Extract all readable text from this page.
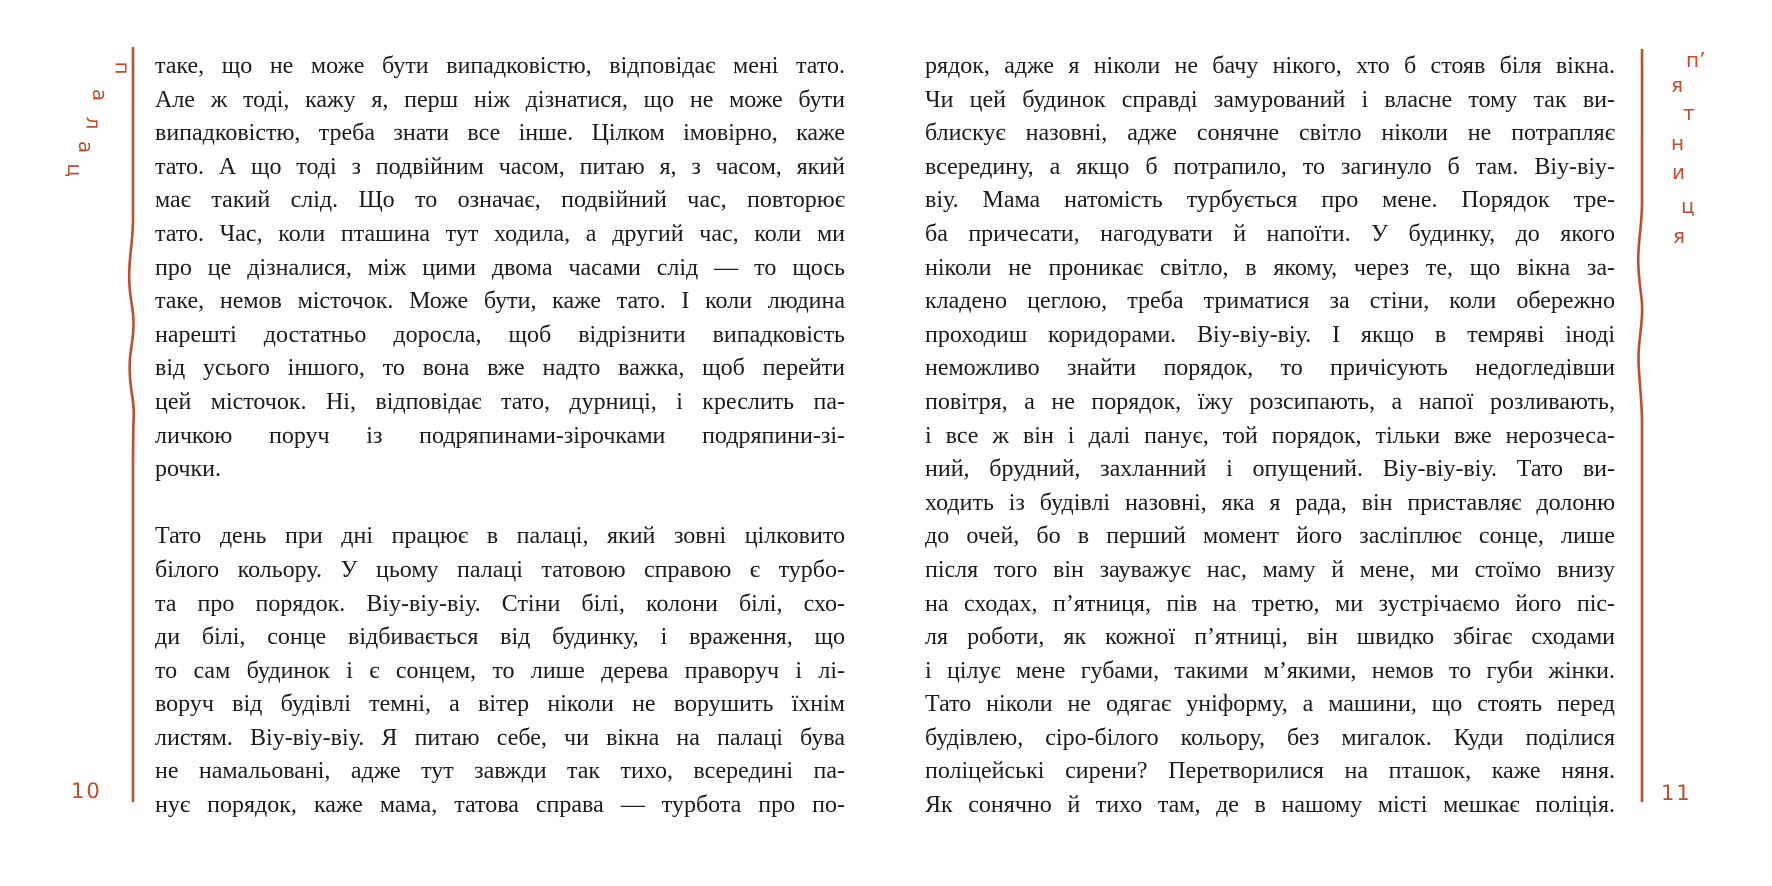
таке, що не може бути випадковістю, відповідає мені тато.
Але ж тоді, кажу я, перш ніж дізнатися, що не може бути
випадковістю, треба знати все інше. Цілком імовірно, каже
тато. А що тоді з подвійним часом, питаю я, з часом, який
має такий слід. Що то означає, подвійний час, повторює
тато. Час, коли пташина тут ходила, а другий час, коли ми
про це дізналися, між цими двома часами слід — то щось
таке, немов місточок. Може бути, каже тато. І коли людина
нарешті достатньо доросла, щоб відрізнити випадковість
від усього іншого, то вона вже надто важка, щоб перейти
цей місточок. Ні, відповідає тато, дурниці, і креслить па-
личкою поруч із подряпинами-зірочками подряпини-зі-
рочки.
Тато день при дні працює в палаці, який зовні цілковито
білого кольору. У цьому палаці татовою справою є турбо-
та про порядок. Віу-віу-віу. Стіни білі, колони білі, схо-
ди білі, сонце відбивається від будинку, і враження, що
то сам будинок і є сонцем, то лише дерева праворуч і лі-
воруч від будівлі темні, а вітер ніколи не ворушить їхнім
листям. Віу-віу-віу. Я питаю себе, чи вікна на палаці бува
не намальовані, адже тут завжди так тихо, всередині па-
нує порядок, каже мама, татова справа — турбота про по-
10
рядок, адже я ніколи не бачу нікого, хто б стояв біля вікна.
Чи цей будинок справді замурований і власне тому так ви-
блискує назовні, адже сонячне світло ніколи не потрапляє
всередину, а якщо б потрапило, то загинуло б там. Віу-віу-
віу. Мама натомість турбується про мене. Порядок тре-
ба причесати, нагодувати й напоїти. У будинку, до якого
ніколи не проникає світло, в якому, через те, що вікна за-
кладено цеглою, треба триматися за стіни, коли обережно
проходиш коридорами. Віу-віу-віу. І якщо в темряві іноді
неможливо знайти порядок, то причісують недогледівши
повітря, а не порядок, їжу розсипають, а напої розливають,
і все ж він і далі панує, той порядок, тільки вже нерозчеса-
ний, брудний, захланний і опущений. Віу-віу-віу. Тато ви-
ходить із будівлі назовні, яка я рада, він приставляє долоню
до очей, бо в перший момент його засліплює сонце, лише
після того він зауважує нас, маму й мене, ми стоїмо внизу
на сходах, п’ятниця, пів на третю, ми зустрічаємо його піс-
ля роботи, як кожної п’ятниці, він швидко збігає сходами
і цілує мене губами, такими м’якими, немов то губи жінки.
Тато ніколи не одягає уніформу, а машини, що стоять перед
будівлею, сіро-білого кольору, без мигалок. Куди поділися
поліцейські сирени? Перетворилися на пташок, каже няня.
Як сонячно й тихо там, де в нашому місті мешкає поліція. 11
п
а
л
а
ц
п’
я
т
н
и
ц
я
